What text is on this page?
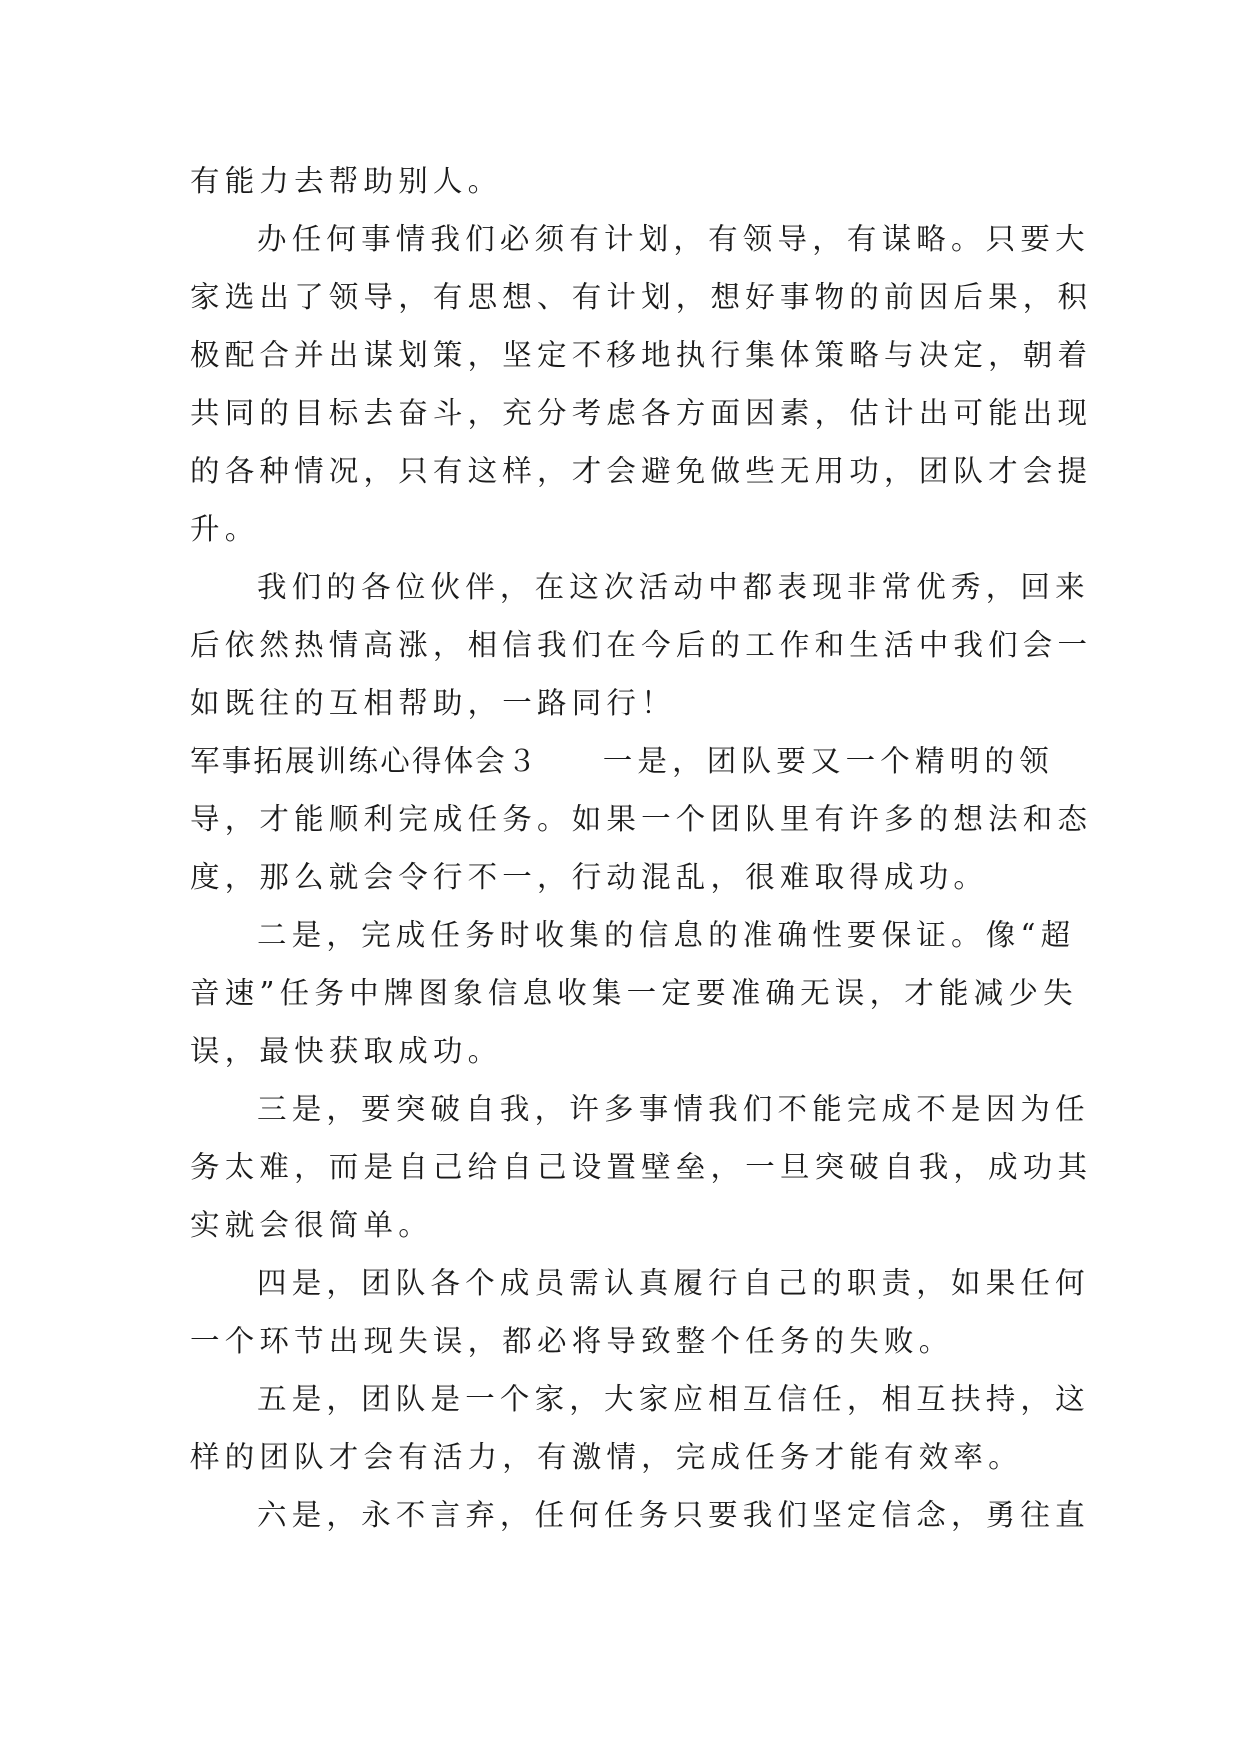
有能力去帮助别人。
办任何事情我们必须有计划，有领导，有谋略。只要大
家选出了领导，有思想、有计划，想好事物的前因后果，积
极配合并出谋划策，坚定不移地执行集体策略与决定，朝着
共同的目标去奋斗，充分考虑各方面因素，估计出可能出现
的各种情况，只有这样，才会避免做些无用功，团队才会提
升。
我们的各位伙伴，在这次活动中都表现非常优秀，回来
后依然热情高涨，相信我们在今后的工作和生活中我们会一
如既往的互相帮助，一路同行！
军事拓展训练心得体会３ 一是，团队要又一个精明的领
导，才能顺利完成任务。如果一个团队里有许多的想法和态
度，那么就会令行不一，行动混乱，很难取得成功。
二是，完成任务时收集的信息的准确性要保证。像“超
音速”任务中牌图象信息收集一定要准确无误，才能减少失
误，最快获取成功。
三是，要突破自我，许多事情我们不能完成不是因为任
务太难，而是自己给自己设置壁垒，一旦突破自我，成功其
实就会很简单。
四是，团队各个成员需认真履行自己的职责，如果任何
一个环节出现失误，都必将导致整个任务的失败。
五是，团队是一个家，大家应相互信任，相互扶持，这
样的团队才会有活力，有激情，完成任务才能有效率。
六是，永不言弃，任何任务只要我们坚定信念，勇往直
